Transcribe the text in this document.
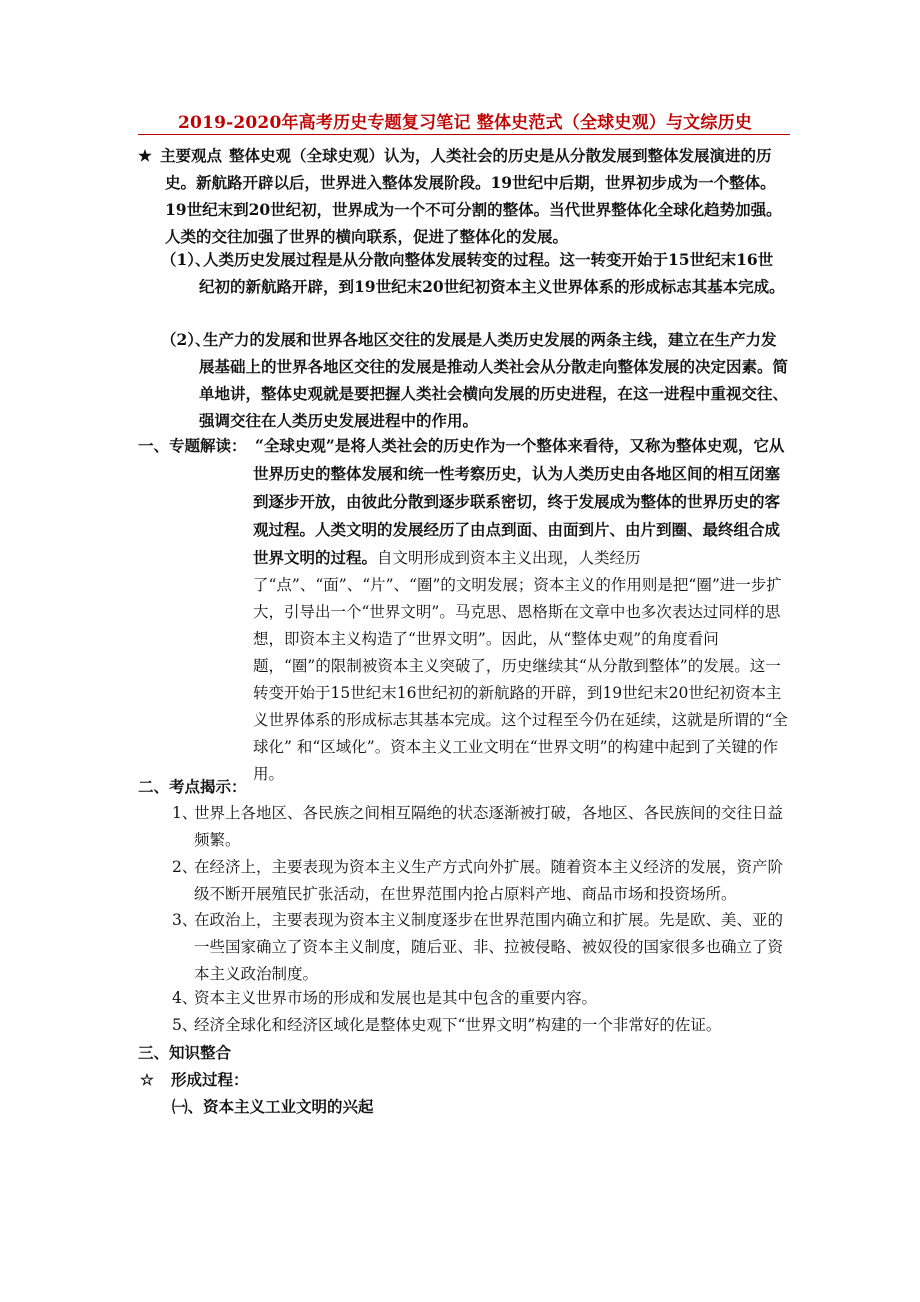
2019-2020年高考历史专题复习笔记 整体史范式（全球史观）与文综历史
★ 主要观点 整体史观（全球史观）认为，人类社会的历史是从分散发展到整体发展演进的历史。新航路开辟以后，世界进入整体发展阶段。19世纪中后期，世界初步成为一个整体。19世纪末到20世纪初，世界成为一个不可分割的整体。当代世界整体化全球化趋势加强。人类的交往加强了世界的横向联系，促进了整体化的发展。
（1）、
人类历史发展过程是从分散向整体发展转变的过程。这一转变开始于15世纪末16世纪初的新航路开辟，到19世纪末20世纪初资本主义世界体系的形成标志其基本完成。
（2）、
生产力的发展和世界各地区交往的发展是人类历史发展的两条主线，建立在生产力发展基础上的世界各地区交往的发展是推动人类社会从分散走向整体发展的决定因素。简单地讲，整体史观就是要把握人类社会横向发展的历史进程，在这一进程中重视交往、强调交往在人类历史发展进程中的作用。
一、专题解读： “全球史观”是将人类社会的历史作为一个整体来看待，又称为整体史观，它从世界历史的整体发展和统一性考察历史，认为人类历史由各地区间的相互闭塞到逐步开放，由彼此分散到逐步联系密切，终于发展成为整体的世界历史的客观过程。人类文明的发展经历了由点到面、由面到片、由片到圈、最终组合成世界文明的过程。自文明形成到资本主义出现，人类经历了“点”、“面”、“片”、“圈”的文明发展；资本主义的作用则是把“圈”进一步扩大，引导出一个“世界文明”。马克思、恩格斯在文章中也多次表达过同样的思想，即资本主义构造了“世界文明”。因此，从“整体史观”的角度看问题，“圈”的限制被资本主义突破了，历史继续其“从分散到整体”的发展。这一转变开始于15世纪末16世纪初的新航路的开辟，到19世纪末20世纪初资本主义世界体系的形成标志其基本完成。这个过程至今仍在延续，这就是所谓的“全球化” 和“区域化”。资本主义工业文明在“世界文明”的构建中起到了关键的作用。
二、考点揭示：
1、
世界上各地区、各民族之间相互隔绝的状态逐渐被打破，各地区、各民族间的交往日益频繁。
2、
在经济上，主要表现为资本主义生产方式向外扩展。随着资本主义经济的发展，资产阶级不断开展殖民扩张活动，在世界范围内抢占原料产地、商品市场和投资场所。
3、
在政治上，主要表现为资本主义制度逐步在世界范围内确立和扩展。先是欧、美、亚的一些国家确立了资本主义制度，随后亚、非、拉被侵略、被奴役的国家很多也确立了资本主义政治制度。
4、
资本主义世界市场的形成和发展也是其中包含的重要内容。
5、
经济全球化和经济区域化是整体史观下“世界文明”构建的一个非常好的佐证。
三、知识整合
☆ 形成过程：
㈠、资本主义工业文明的兴起
